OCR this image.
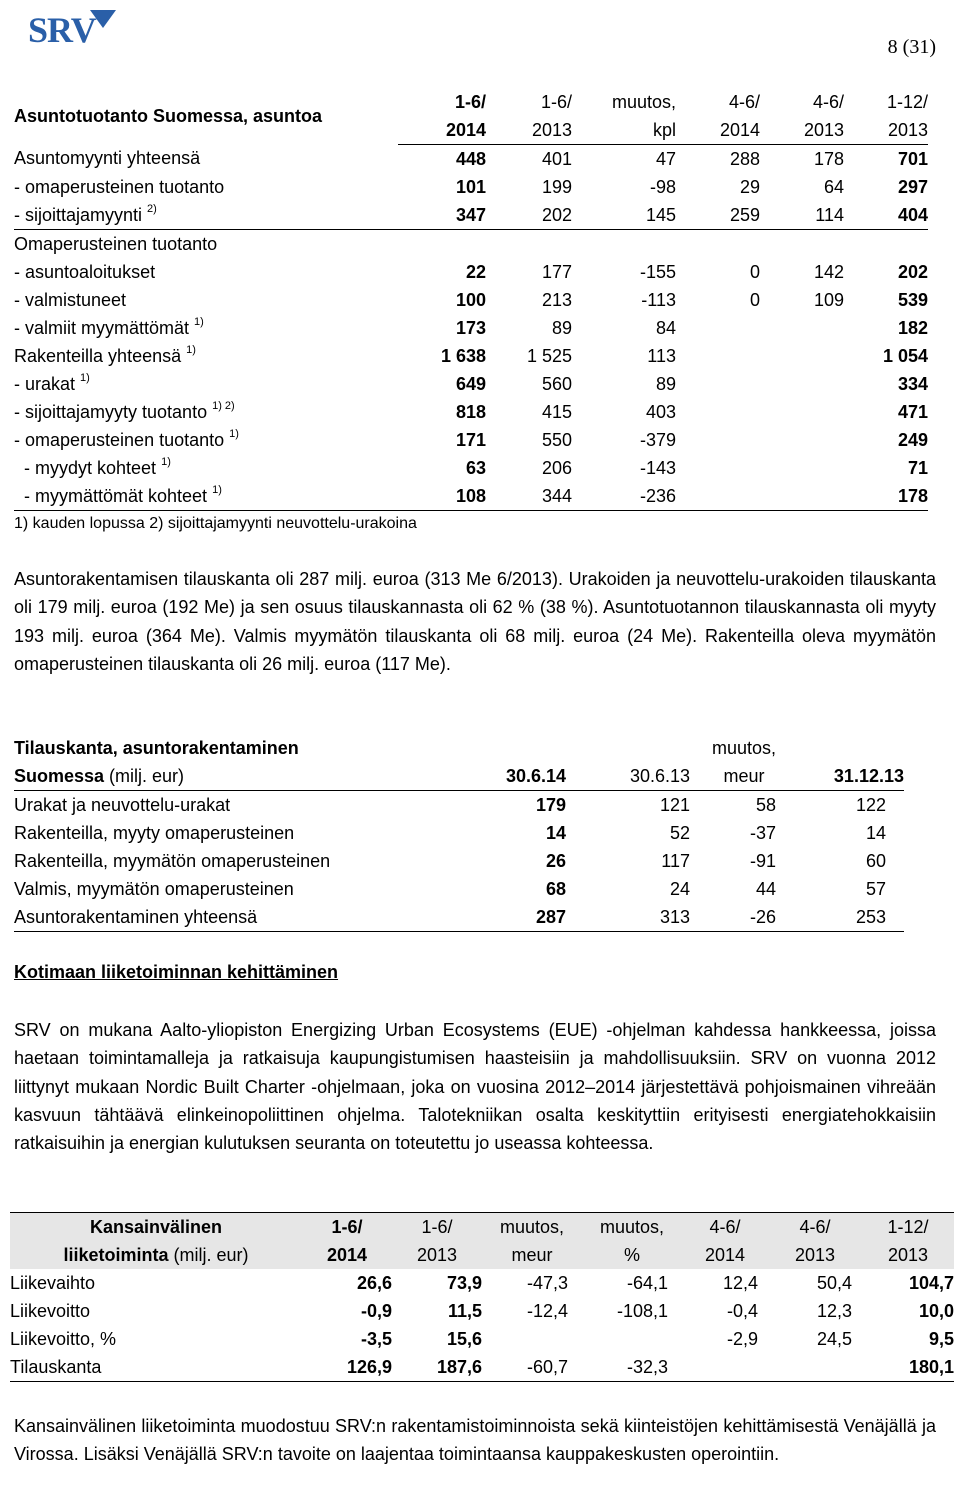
SRV	8 (31)
Asuntotuotanto Suomessa, asuntoa	1-6/	1-6/	muutos,	4-6/	4-6/	1-12/
	2014	2013	kpl	2014	2013	2013
Asuntomyynti yhteensä	448	401	47	288	178	701
- omaperusteinen tuotanto	101	199	-98	29	64	297
- sijoittajamyynti $^{2)}$	347	202	145	259	114	404
Omaperusteinen tuotanto						
- asuntoaloitukset	22	177	-155	0	142	202
- valmistuneet	100	213	-113	0	109	539
- valmiit myymättömät $^{1)}$	173	89	84			182
Rakenteilla yhteensä $^{1)}$	1 638	1 525	113			1 054
- urakat $^{1)}$	649	560	89			334
- sijoittajamyyty tuotanto $^{1) 2)}$	818	415	403			471
- omaperusteinen tuotanto $^{1)}$	171	550	-379			249
- myydyt kohteet $^{1)}$	63	206	-143			71
- myymättömät kohteet $^{1)}$	108	344	-236			178
1) kauden lopussa 2) sijoittajamyynti neuvottelu-urakoina
Asuntorakentamisen tilauskanta oli 287 milj. euroa (313 Me 6/2013). Urakoiden ja neuvottelu-urakoiden tilauskanta oli 179 milj. euroa (192 Me) ja sen osuus tilauskannasta oli 62 % (38 %). Asuntotuotannon tilauskannasta oli myyty 193 milj. euroa (364 Me). Valmis myymätön tilauskanta oli 68 milj. euroa (24 Me). Rakenteilla oleva myymätön omaperusteinen tilauskanta oli 26 milj. euroa (117 Me).
Tilauskanta, asuntorakentaminen			muutos,	
Suomessa (milj. eur)	30.6.14	30.6.13	meur	31.12.13
Urakat ja neuvottelu-urakat	179	121	58	122
Rakenteilla, myyty omaperusteinen	14	52	-37	14
Rakenteilla, myymätön omaperusteinen	26	117	-91	60
Valmis, myymätön omaperusteinen	68	24	44	57
Asuntorakentaminen yhteensä	287	313	-26	253
Kotimaan liiketoiminnan kehittäminen
SRV on mukana Aalto-yliopiston Energizing Urban Ecosystems (EUE) -ohjelman kahdessa hankkeessa, joissa haetaan toimintamalleja ja ratkaisuja kaupungistumisen haasteisiin ja mahdollisuuksiin. SRV on vuonna 2012 liittynyt mukaan Nordic Built Charter -ohjelmaan, joka on vuosina 2012–2014 järjestettävä pohjoismainen vihreään kasvuun tähtäävä elinkeinopoliittinen ohjelma. Talotekniikan osalta keskityttiin erityisesti energiatehokkaisiin ratkaisuihin ja energian kulutuksen seuranta on toteutettu jo useassa kohteessa.
Kansainvälinen	1-6/	1-6/	muutos,	muutos,	4-6/	4-6/	1-12/
liiketoiminta (milj. eur)	2014	2013	meur	%	2014	2013	2013
Liikevaihto	26,6	73,9	-47,3	-64,1	12,4	50,4	104,7
Liikevoitto	-0,9	11,5	-12,4	-108,1	-0,4	12,3	10,0
Liikevoitto, %	-3,5	15,6			-2,9	24,5	9,5
Tilauskanta	126,9	187,6	-60,7	-32,3			180,1
Kansainvälinen liiketoiminta muodostuu SRV:n rakentamistoiminnoista sekä kiinteistöjen kehittämisestä Venäjällä ja Virossa. Lisäksi Venäjällä SRV:n tavoite on laajentaa toimintaansa kauppakeskusten operointiin.
